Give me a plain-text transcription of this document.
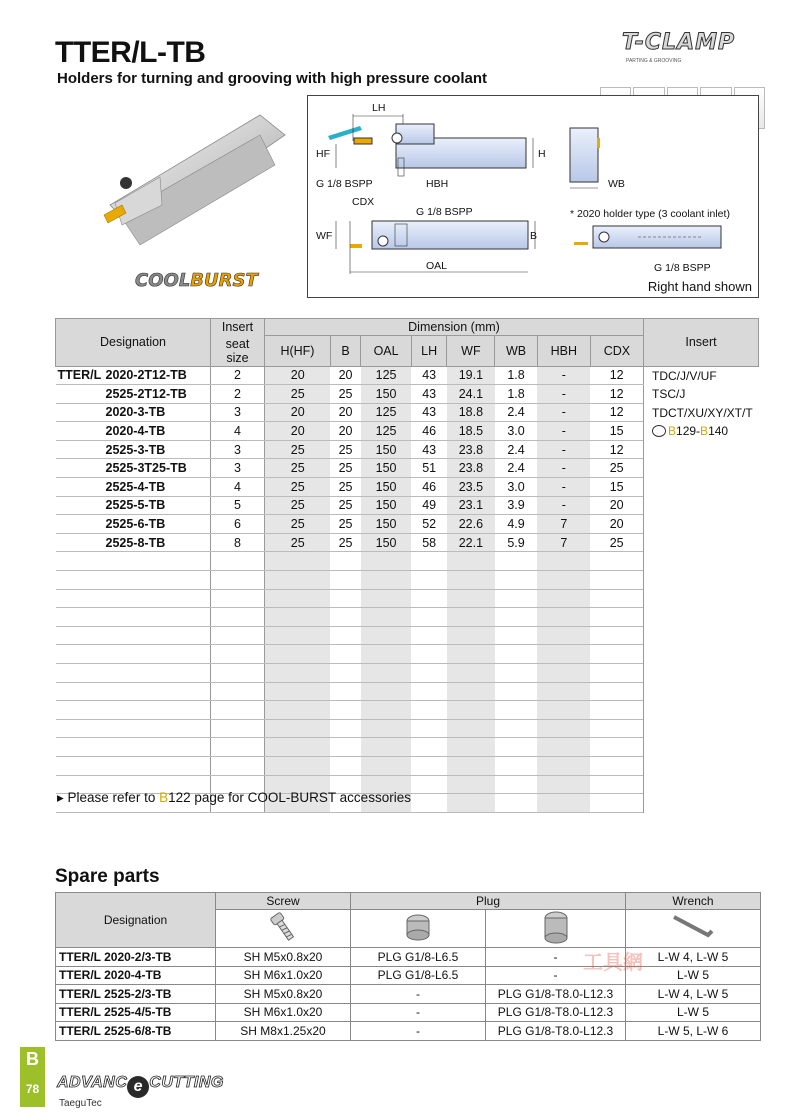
TTER/L-TB
Holders for turning and grooving with high pressure coolant
T-CLAMP
PARTING & GROOVING
COOLBURST
LH
HF	H
G 1/8 BSPP	HBH
CDX
G 1/8 BSPP
WF	B
OAL
WB
* 2020 holder type (3 coolant inlet)
G 1/8 BSPP
Right hand shown
Designation	Insert	Dimension (mm)								Insert
	seat size	H(HF)	B	OAL	LH	WF	WB	HBH	CDX	
TTER/L 2020-2T12-TB	2	20	20	125	43	19.1	1.8	-	12	TDC/J/V/UF
TSC/J
TDCT/XU/XY/XT/T
B129-B140

2525-2T12-TB	2	25	25	150	43	24.1	1.8	-	12	
2020-3-TB	3	20	20	125	43	18.8	2.4	-	12	
2020-4-TB	4	20	20	125	46	18.5	3.0	-	15	
2525-3-TB	3	25	25	150	43	23.8	2.4	-	12	
2525-3T25-TB	3	25	25	150	51	23.8	2.4	-	25	
2525-4-TB	4	25	25	150	46	23.5	3.0	-	15	
2525-5-TB	5	25	25	150	49	23.1	3.9	-	20	
2525-6-TB	6	25	25	150	52	22.6	4.9	7	20	
2525-8-TB	8	25	25	150	58	22.1	5.9	7	25	

▸ Please refer to B122 page for COOL-BURST accessories
Spare parts
Designation	Screw	Plug		Wrench

TTER/L 2020-2/3-TB	SH M5x0.8x20	PLG G1/8-L6.5	-	L-W 4, L-W 5
TTER/L 2020-4-TB	SH M6x1.0x20	PLG G1/8-L6.5	-	L-W 5
TTER/L 2525-2/3-TB	SH M5x0.8x20	-	PLG G1/8-T8.0-L12.3	L-W 4, L-W 5
TTER/L 2525-4/5-TB	SH M6x1.0x20	-	PLG G1/8-T8.0-L12.3	L-W 5
TTER/L 2525-6/8-TB	SH M8x1.25x20	-	PLG G1/8-T8.0-L12.3	L-W 5, L-W 6
工具網
B
78	ADVANC e CUTTING
TaeguTec
